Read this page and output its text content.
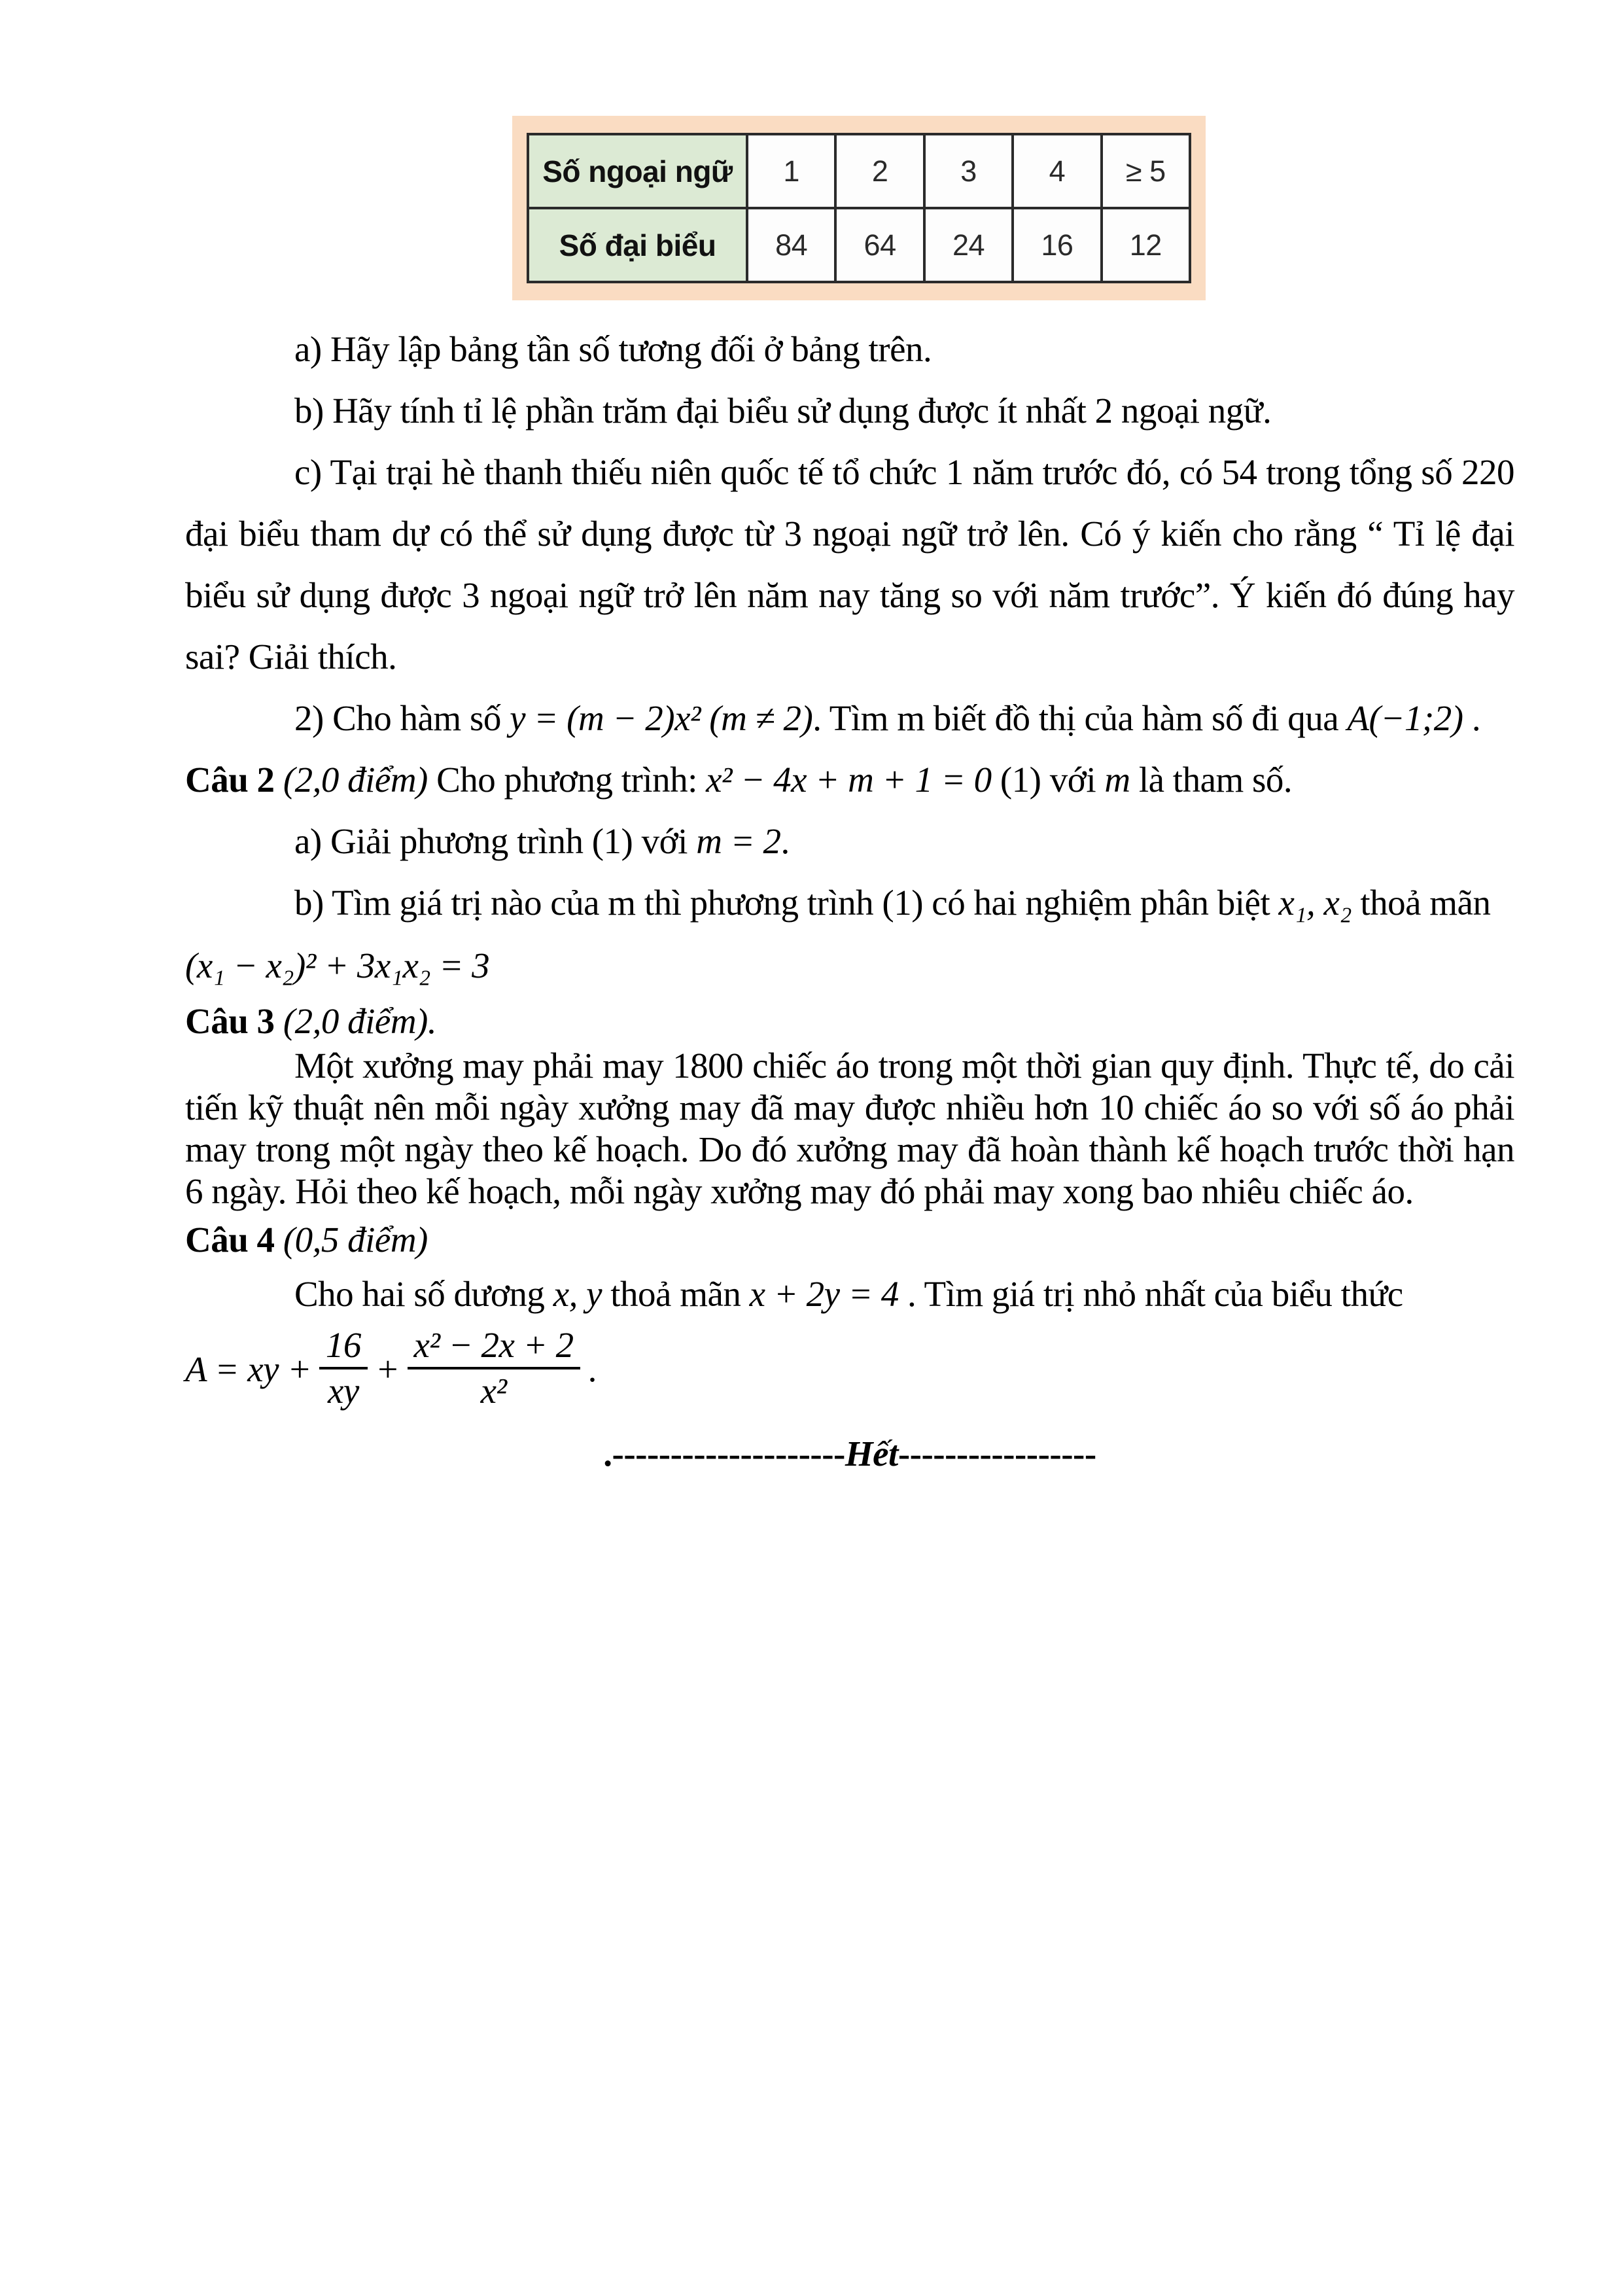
Số ngoại ngữ	1	2	3	4	≥ 5
Số đại biểu	84	64	24	16	12

a) Hãy lập bảng tần số tương đối ở bảng trên.

b) Hãy tính tỉ lệ phần trăm đại biểu sử dụng được ít nhất 2 ngoại ngữ.

c) Tại trại hè thanh thiếu niên quốc tế tổ chức 1 năm trước đó, có 54 trong tổng số 220 đại biểu tham dự có thể sử dụng được từ 3 ngoại ngữ trở lên. Có ý kiến cho rằng “ Tỉ lệ đại biểu sử dụng được 3 ngoại ngữ trở lên năm nay tăng so với năm trước”. Ý kiến đó đúng hay sai? Giải thích.

2) Cho hàm số y = (m − 2)x² (m ≠ 2). Tìm m biết đồ thị của hàm số đi qua A(−1;2) .

Câu 2 (2,0 điểm) Cho phương trình: x² − 4x + m + 1 = 0 (1) với m là tham số.

a) Giải phương trình (1) với m = 2.

b) Tìm giá trị nào của m thì phương trình (1) có hai nghiệm phân biệt x₁, x₂ thoả mãn

(x₁ − x₂)² + 3x₁x₂ = 3

Câu 3 (2,0 điểm).

Một xưởng may phải may 1800 chiếc áo trong một thời gian quy định. Thực tế, do cải tiến kỹ thuật nên mỗi ngày xưởng may đã may được nhiều hơn 10 chiếc áo so với số áo phải may trong một ngày theo kế hoạch. Do đó xưởng may đã hoàn thành kế hoạch trước thời hạn 6 ngày. Hỏi theo kế hoạch, mỗi ngày xưởng may đó phải may xong bao nhiêu chiếc áo.

Câu 4 (0,5 điểm)

Cho hai số dương x, y thoả mãn x + 2y = 4 . Tìm giá trị nhỏ nhất của biểu thức

A = xy + $\frac{16}{xy} + \frac{\text{x² − 2x + 2}}{\text{x²}}$ .

.--------------------Hết-----------------
